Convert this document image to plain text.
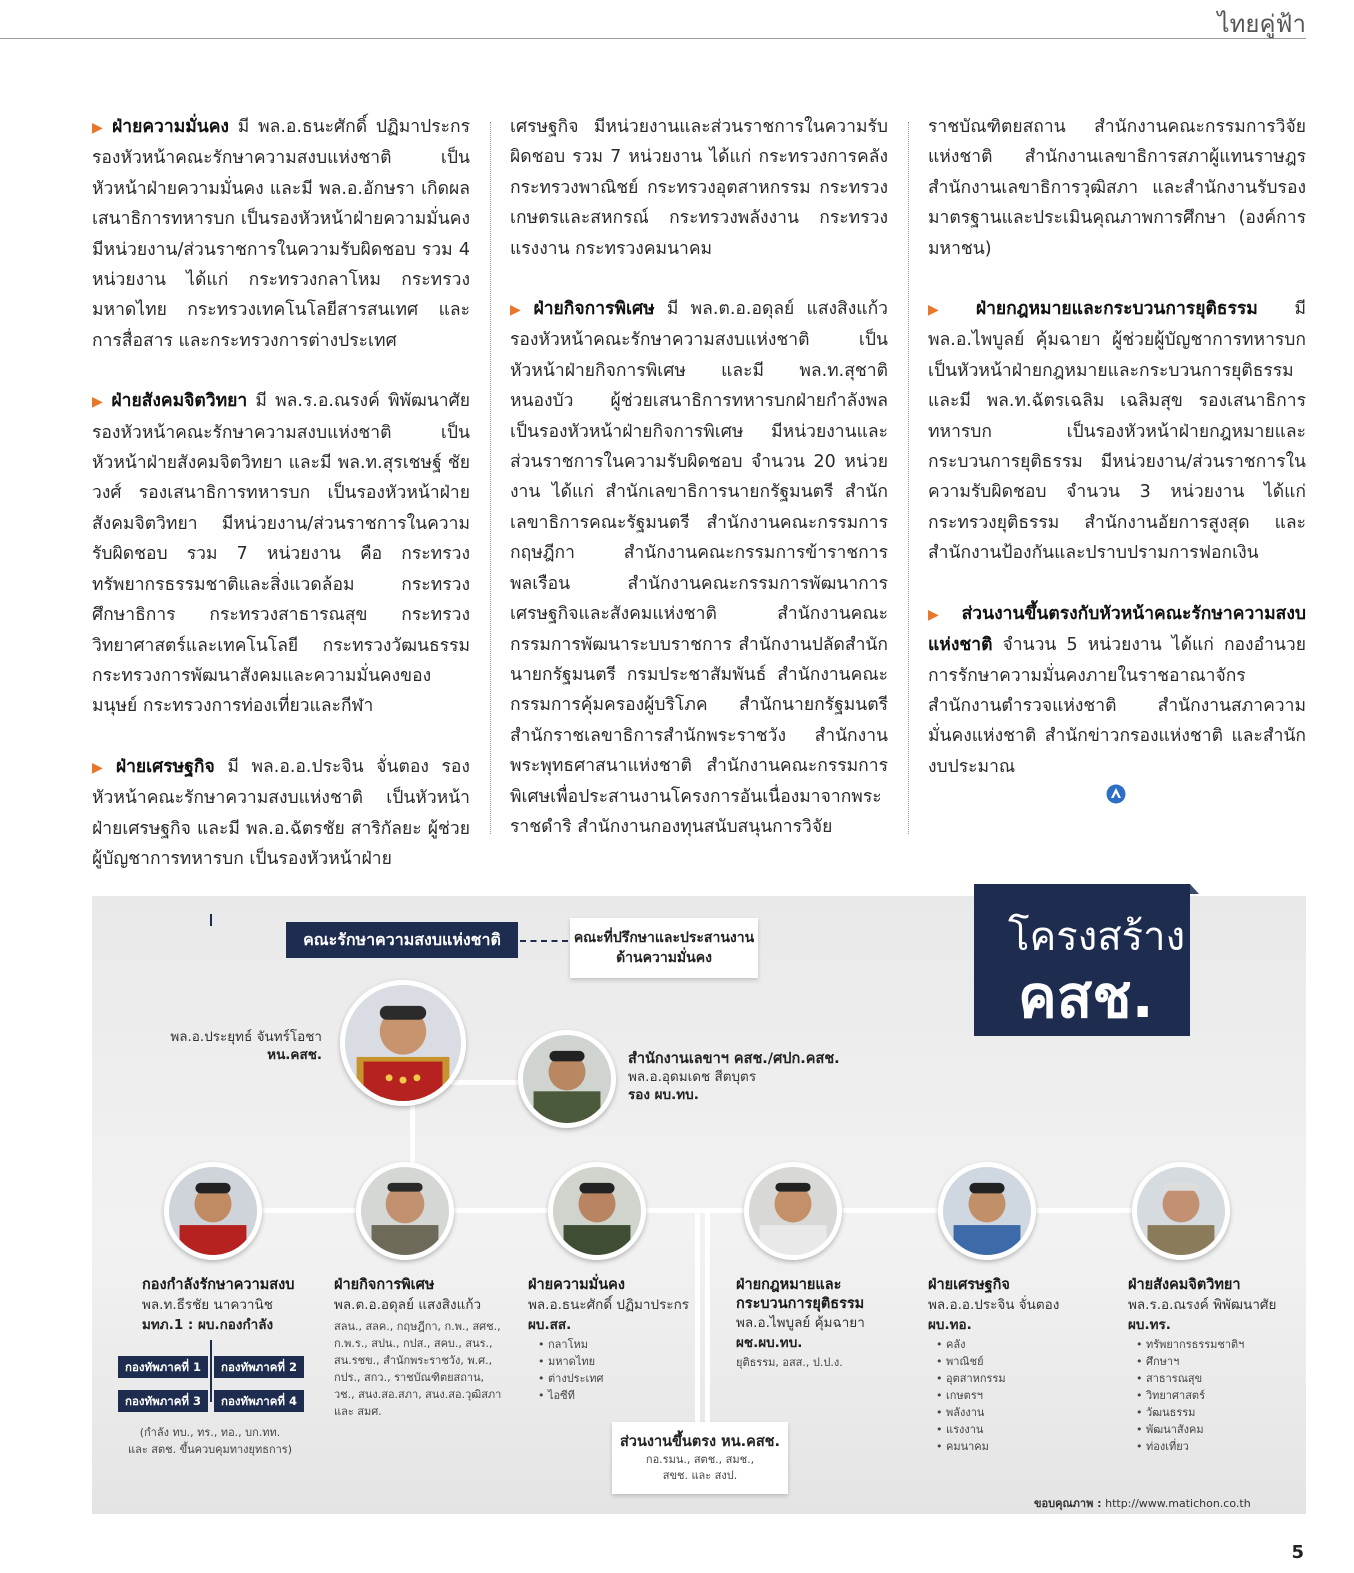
ไทยคู่ฟ้า

▶ ฝ่ายความมั่นคง มี พล.อ.ธนะศักดิ์ ปฏิมาประกร รองหัวหน้าคณะรักษาความสงบแห่งชาติ เป็นหัวหน้าฝ่ายความมั่นคง และมี พล.อ.อักษรา เกิดผล เสนาธิการทหารบก เป็นรองหัวหน้าฝ่ายความมั่นคง มีหน่วยงาน/ส่วนราชการในความรับผิดชอบ รวม 4 หน่วยงาน ได้แก่ กระทรวงกลาโหม กระทรวงมหาดไทย กระทรวงเทคโนโลยีสารสนเทศ และการสื่อสาร และกระทรวงการต่างประเทศ

▶ ฝ่ายสังคมจิตวิทยา มี พล.ร.อ.ณรงค์ พิพัฒนาศัย รองหัวหน้าคณะรักษาความสงบแห่งชาติ เป็นหัวหน้าฝ่ายสังคมจิตวิทยา และมี พล.ท.สุรเชษฐ์ ชัยวงศ์ รองเสนาธิการทหารบก เป็นรองหัวหน้าฝ่ายสังคมจิตวิทยา มีหน่วยงาน/ส่วนราชการในความรับผิดชอบ รวม 7 หน่วยงาน คือ กระทรวงทรัพยากรธรรมชาติและสิ่งแวดล้อม กระทรวงศึกษาธิการ กระทรวงสาธารณสุข กระทรวงวิทยาศาสตร์และเทคโนโลยี กระทรวงวัฒนธรรม กระทรวงการพัฒนาสังคมและความมั่นคงของมนุษย์ กระทรวงการท่องเที่ยวและกีฬา

▶ ฝ่ายเศรษฐกิจ มี พล.อ.อ.ประจิน จั่นตอง รองหัวหน้าคณะรักษาความสงบแห่งชาติ เป็นหัวหน้าฝ่ายเศรษฐกิจ และมี พล.อ.ฉัตรชัย สาริกัลยะ ผู้ช่วยผู้บัญชาการทหารบก เป็นรองหัวหน้าฝ่าย

เศรษฐกิจ มีหน่วยงานและส่วนราชการในความรับผิดชอบ รวม 7 หน่วยงาน ได้แก่ กระทรวงการคลัง กระทรวงพาณิชย์ กระทรวงอุตสาหกรรม กระทรวงเกษตรและสหกรณ์ กระทรวงพลังงาน กระทรวงแรงงาน กระทรวงคมนาคม

▶ ฝ่ายกิจการพิเศษ มี พล.ต.อ.อดุลย์ แสงสิงแก้ว รองหัวหน้าคณะรักษาความสงบแห่งชาติ เป็นหัวหน้าฝ่ายกิจการพิเศษ และมี พล.ท.สุชาติ หนองบัว ผู้ช่วยเสนาธิการทหารบกฝ่ายกำลังพล เป็นรองหัวหน้าฝ่ายกิจการพิเศษ มีหน่วยงานและส่วนราชการในความรับผิดชอบ จำนวน 20 หน่วยงาน ได้แก่ สำนักเลขาธิการนายกรัฐมนตรี สำนักเลขาธิการคณะรัฐมนตรี สำนักงานคณะกรรมการกฤษฎีกา สำนักงานคณะกรรมการข้าราชการพลเรือน สำนักงานคณะกรรมการพัฒนาการเศรษฐกิจและสังคมแห่งชาติ สำนักงานคณะกรรมการพัฒนาระบบราชการ สำนักงานปลัดสำนักนายกรัฐมนตรี กรมประชาสัมพันธ์ สำนักงานคณะกรรมการคุ้มครองผู้บริโภค สำนักนายกรัฐมนตรี สำนักราชเลขาธิการสำนักพระราชวัง สำนักงานพระพุทธศาสนาแห่งชาติ สำนักงานคณะกรรมการพิเศษเพื่อประสานงานโครงการอันเนื่องมาจากพระราชดำริ สำนักงานกองทุนสนับสนุนการวิจัย

ราชบัณฑิตยสถาน สำนักงานคณะกรรมการวิจัยแห่งชาติ สำนักงานเลขาธิการสภาผู้แทนราษฎร สำนักงานเลขาธิการวุฒิสภา และสำนักงานรับรองมาตรฐานและประเมินคุณภาพการศึกษา (องค์การมหาชน)

▶ ฝ่ายกฎหมายและกระบวนการยุติธรรม มี พล.อ.ไพบูลย์ คุ้มฉายา ผู้ช่วยผู้บัญชาการทหารบก เป็นหัวหน้าฝ่ายกฎหมายและกระบวนการยุติธรรม และมี พล.ท.ฉัตรเฉลิม เฉลิมสุข รองเสนาธิการทหารบก เป็นรองหัวหน้าฝ่ายกฎหมายและกระบวนการยุติธรรม มีหน่วยงาน/ส่วนราชการในความรับผิดชอบ จำนวน 3 หน่วยงาน ได้แก่ กระทรวงยุติธรรม สำนักงานอัยการสูงสุด และสำนักงานป้องกันและปราบปรามการฟอกเงิน

▶ ส่วนงานขึ้นตรงกับหัวหน้าคณะรักษาความสงบแห่งชาติ จำนวน 5 หน่วยงาน ได้แก่ กองอำนวยการรักษาความมั่นคงภายในราชอาณาจักร สำนักงานตำรวจแห่งชาติ สำนักงานสภาความมั่นคงแห่งชาติ สำนักข่าวกรองแห่งชาติ และสำนักงบประมาณ

โครงสร้าง
คสช.
คณะรักษาความสงบแห่งชาติ	คณะที่ปรึกษาและประสานงาน
ด้านความมั่นคง
พล.อ.ประยุทธ์ จันทร์โอชา
หน.คสช.	สำนักงานเลขาฯ คสช./ศปก.คสช.
พล.อ.อุดมเดช สีตบุตร
รอง ผบ.ทบ.
กองกำลังรักษาความสงบ
พล.ท.ธีรชัย นาควานิช
มทภ.1 : ผบ.กองกำลัง
กองทัพภาคที่ 1	กองทัพภาคที่ 2
กองทัพภาคที่ 3	กองทัพภาคที่ 4
(กำลัง ทบ., ทร., ทอ., บก.ทท.
และ สตช. ขึ้นควบคุมทางยุทธการ)
ฝ่ายกิจการพิเศษ
พล.ต.อ.อดุลย์ แสงสิงแก้ว
สลน., สลค., กฤษฎีกา, ก.พ., สศช.,
ก.พ.ร., สปน., กปส., สคบ., สนร.,
สน.รชข., สำนักพระราชวัง, พ.ศ.,
กปร., สกว., ราชบัณฑิตยสถาน,
วช., สนง.สอ.สภา, สนง.สอ.วุฒิสภา
และ สมศ.
ฝ่ายความมั่นคง
พล.อ.ธนะศักดิ์ ปฏิมาประกร
ผบ.สส.
• กลาโหม
• มหาดไทย
• ต่างประเทศ
• ไอซีที
ฝ่ายกฎหมายและ
กระบวนการยุติธรรม
พล.อ.ไพบูลย์ คุ้มฉายา
ผช.ผบ.ทบ.
ยุติธรรม, อสส., ป.ป.ง.
ฝ่ายเศรษฐกิจ
พล.อ.อ.ประจิน จั่นตอง
ผบ.ทอ.
• คลัง
• พาณิชย์
• อุตสาหกรรม
• เกษตรฯ
• พลังงาน
• แรงงาน
• คมนาคม
ฝ่ายสังคมจิตวิทยา
พล.ร.อ.ณรงค์ พิพัฒนาศัย
ผบ.ทร.
• ทรัพยากรธรรมชาติฯ
• ศึกษาฯ
• สาธารณสุข
• วิทยาศาสตร์
• วัฒนธรรม
• พัฒนาสังคม
• ท่องเที่ยว
ส่วนงานขึ้นตรง หน.คสช.
กอ.รมน., สตช., สมช.,
สขช. และ สงป.
ขอบคุณภาพ : http://www.matichon.co.th
5
